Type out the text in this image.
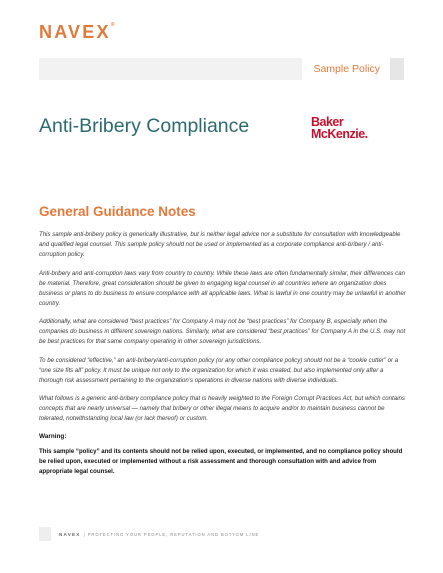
NAVEX®
Sample Policy
Anti-Bribery Compliance	Baker
McKenzie.
General Guidance Notes

This sample anti-bribery policy is generically illustrative, but is neither legal advice nor a substitute for consultation with knowledgeable and qualified legal counsel. This sample policy should not be used or implemented as a corporate compliance anti-bribery / anti-corruption policy.

Anti-bribery and anti-corruption laws vary from country to country. While these laws are often fundamentally similar, their differences can be material. Therefore, great consideration should be given to engaging legal counsel in all countries where an organization does business or plans to do business to ensure compliance with all applicable laws. What is lawful in one country may be unlawful in another country.

Additionally, what are considered “best practices” for Company A may not be “best practices” for Company B, especially when the companies do business in different sovereign nations. Similarly, what are considered “best practices” for Company A in the U.S. may not be best practices for that same company operating in other sovereign jurisdictions.

To be considered “effective,” an anti-bribery/anti-corruption policy (or any other compliance policy) should not be a “cookie cutter” or a “one size fits all” policy. It must be unique not only to the organization for which it was created, but also implemented only after a thorough risk assessment pertaining to the organization’s operations in diverse nations with diverse individuals.

What follows is a generic anti-bribery compliance policy that is heavily weighted to the Foreign Corrupt Practices Act, but which contains concepts that are nearly universal — namely that bribery or other illegal means to acquire and/or to maintain business cannot be tolerated, notwithstanding local law (or lack thereof) or custom.

Warning:
This sample “policy” and its contents should not be relied upon, executed, or implemented, and no compliance policy should be relied upon, executed or implemented without a risk assessment and thorough consultation with and advice from appropriate legal counsel.
NAVEX | PROTECTING YOUR PEOPLE, REPUTATION AND BOTTOM LINE
